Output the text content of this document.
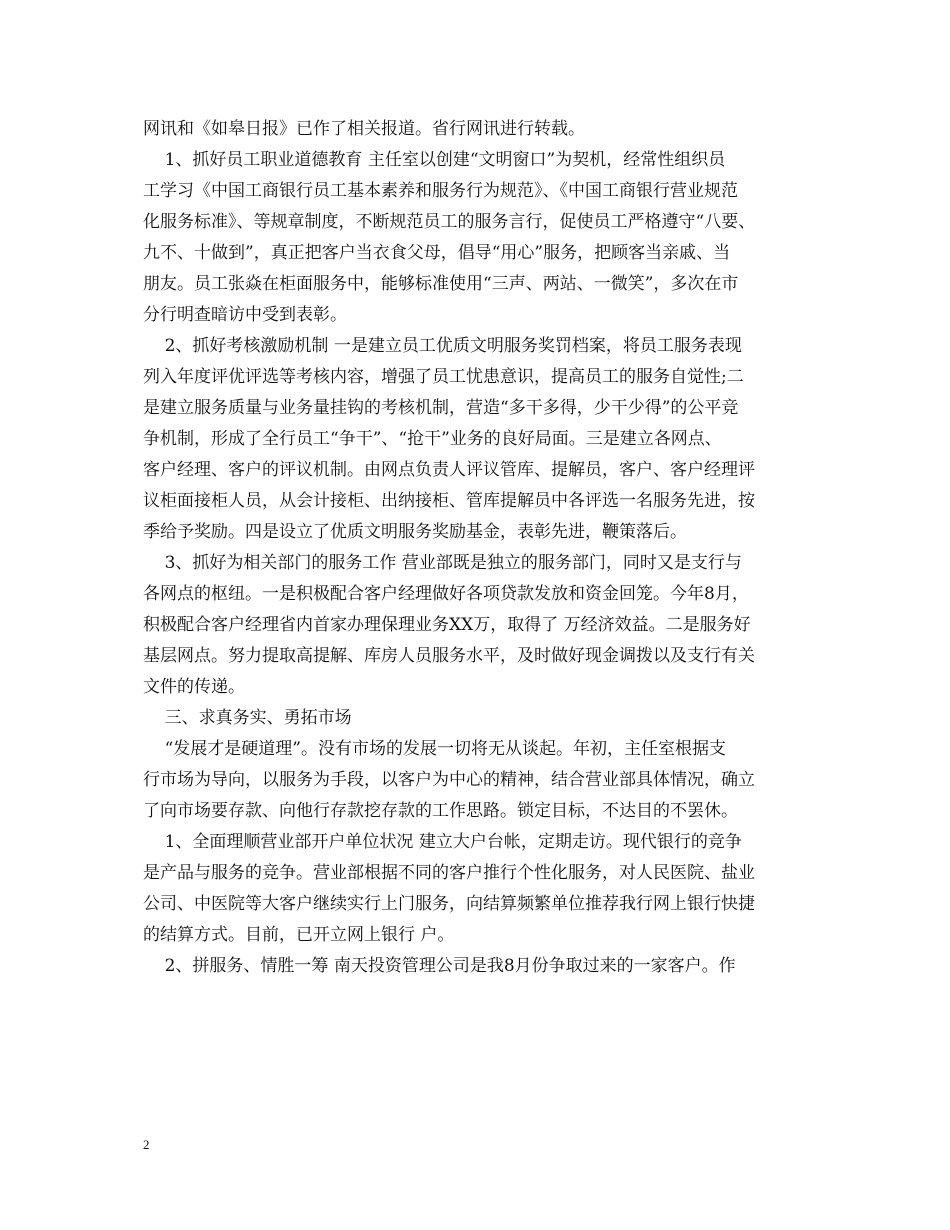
网讯和《如皋日报》已作了相关报道。省行网讯进行转载。
1、抓好员工职业道德教育 主任室以创建“文明窗口”为契机，经常性组织员
工学习《中国工商银行员工基本素养和服务行为规范》、《中国工商银行营业规范
化服务标准》、等规章制度，不断规范员工的服务言行，促使员工严格遵守“八要、
九不、十做到”，真正把客户当衣食父母，倡导“用心”服务，把顾客当亲戚、当
朋友。员工张焱在柜面服务中，能够标准使用“三声、两站、一微笑”，多次在市
分行明查暗访中受到表彰。
2、抓好考核激励机制 一是建立员工优质文明服务奖罚档案，将员工服务表现
列入年度评优评选等考核内容，增强了员工忧患意识，提高员工的服务自觉性;二
是建立服务质量与业务量挂钩的考核机制，营造“多干多得，少干少得”的公平竞
争机制，形成了全行员工“争干”、“抢干”业务的良好局面。三是建立各网点、
客户经理、客户的评议机制。由网点负责人评议管库、提解员，客户、客户经理评
议柜面接柜人员，从会计接柜、出纳接柜、管库提解员中各评选一名服务先进，按
季给予奖励。四是设立了优质文明服务奖励基金，表彰先进，鞭策落后。
3、抓好为相关部门的服务工作 营业部既是独立的服务部门，同时又是支行与
各网点的枢纽。一是积极配合客户经理做好各项贷款发放和资金回笼。今年8月，
积极配合客户经理省内首家办理保理业务XX万，取得了 万经济效益。二是服务好
基层网点。努力提取高提解、库房人员服务水平，及时做好现金调拨以及支行有关
文件的传递。
三、求真务实、勇拓市场
“发展才是硬道理”。没有市场的发展一切将无从谈起。年初，主任室根据支
行市场为导向，以服务为手段，以客户为中心的精神，结合营业部具体情况，确立
了向市场要存款、向他行存款挖存款的工作思路。锁定目标，不达目的不罢休。
1、全面理顺营业部开户单位状况 建立大户台帐，定期走访。现代银行的竞争
是产品与服务的竞争。营业部根据不同的客户推行个性化服务，对人民医院、盐业
公司、中医院等大客户继续实行上门服务，向结算频繁单位推荐我行网上银行快捷
的结算方式。目前，已开立网上银行 户。
2、拼服务、情胜一筹 南天投资管理公司是我8月份争取过来的一家客户。作
2
